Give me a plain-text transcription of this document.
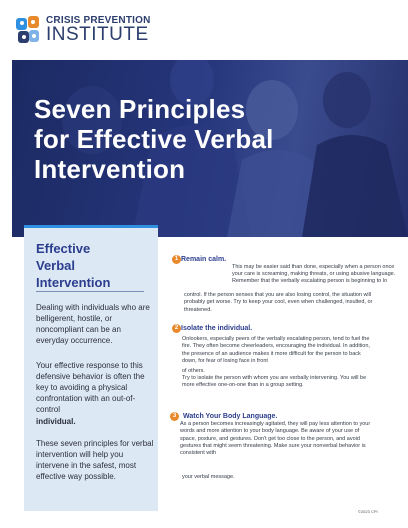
CRISIS PREVENTION
INSTITUTE
Seven Principles
for Effective Verbal
Intervention
Effective
Verbal
Intervention
Dealing with individuals who are belligerent, hostile, or noncompliant can be an everyday occurrence.
Your effective response to this defensive behavior is often the key to avoiding a physical confrontation with an out-of-control
individual.
These seven principles for verbal intervention will help you intervene in the safest, most effective way possible.
1 Remain calm.
This may be easier said than done, especially when a person once
your care is screaming, making threats, or using abusive language.
Remember that the verbally escalating person is beginning to lo
control. If the person senses that you are also losing control, the situation will probably get worse. Try to keep your cool, even when challenged, insulted, or threatened.
2 Isolate the individual.
Onlookers, especially peers of the verbally escalating person, tend to fuel the fire. They often become cheerleaders, encouraging the individual. In addition, the presence of an audience makes it more difficult for the person to back down, for fear of losing face in front
of others.
Try to isolate the person with whom you are verbally intervening. You will be more effective one-on-one than in a group setting.
3 Watch Your Body Language.
As a person becomes increasingly agitated, they will pay less attention to your words and more attention to your body language. Be aware of your use of space, posture, and gestures. Don't get too close to the person, and avoid gestures that might seem threatening. Make sure your nonverbal behavior is consistent with
your verbal message.
©2023 CPI
